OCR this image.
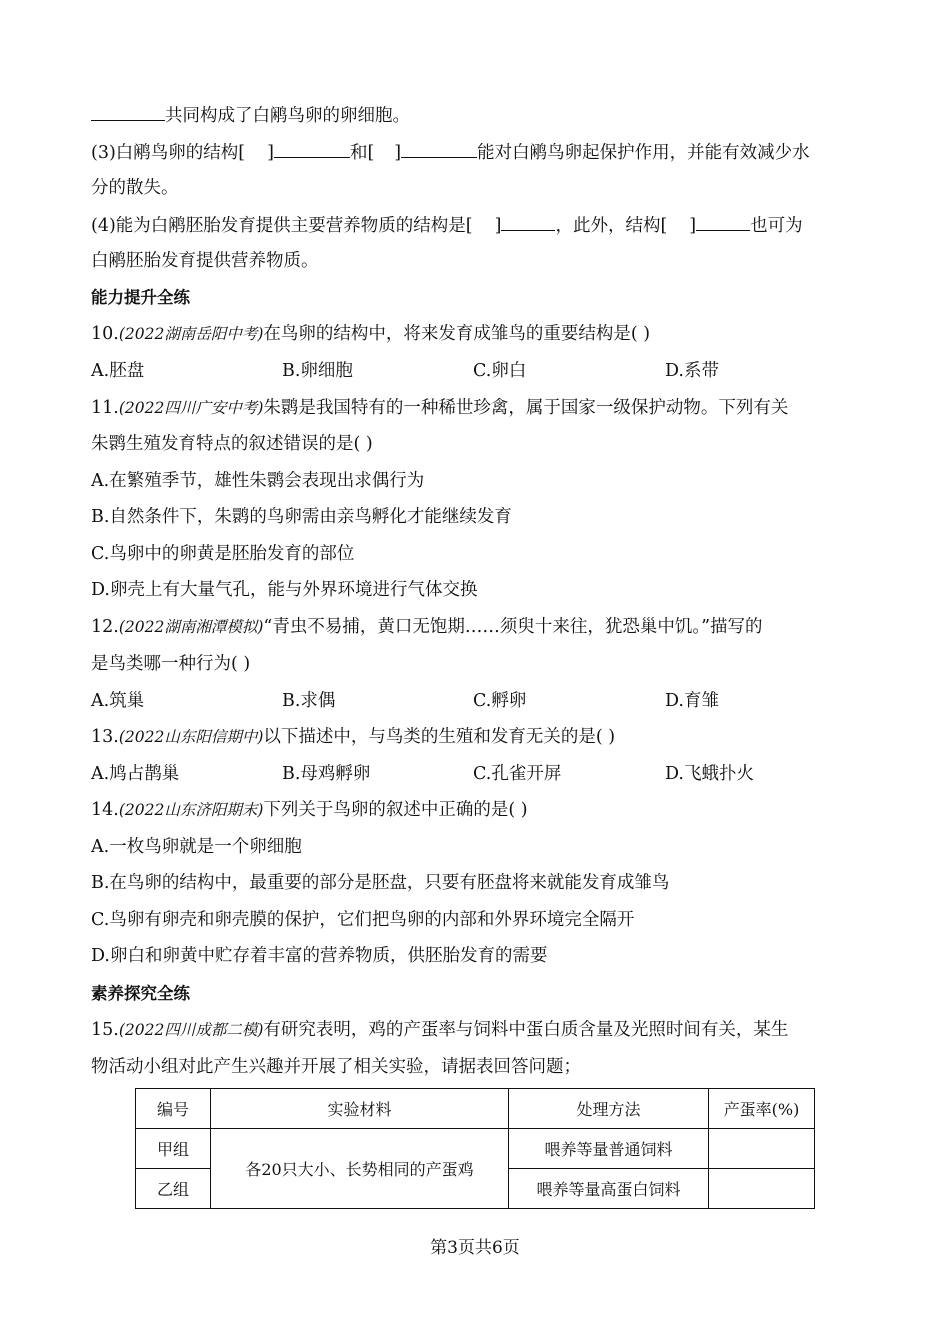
共同构成了白鹇鸟卵的卵细胞。
(3)白鹇鸟卵的结构[ ]	和[ ]	能对白鹇鸟卵起保护作用，并能有效减少水
分的散失。
(4)能为白鹇胚胎发育提供主要营养物质的结构是[ ]	，此外，结构[ ]	也可为
白鹇胚胎发育提供营养物质。
能力提升全练
10.(2022湖南岳阳中考)在鸟卵的结构中，将来发育成雏鸟的重要结构是( )
A.胚盘	B.卵细胞	C.卵白	D.系带
11.(2022四川广安中考)朱鹮是我国特有的一种稀世珍禽，属于国家一级保护动物。下列有关
朱鹮生殖发育特点的叙述错误的是( )
A.在繁殖季节，雄性朱鹮会表现出求偶行为
B.自然条件下，朱鹮的鸟卵需由亲鸟孵化才能继续发育
C.鸟卵中的卵黄是胚胎发育的部位
D.卵壳上有大量气孔，能与外界环境进行气体交换
12.(2022湖南湘潭模拟)“青虫不易捕，黄口无饱期……须臾十来往，犹恐巢中饥。”描写的
是鸟类哪一种行为( )
A.筑巢	B.求偶	C.孵卵	D.育雏
13.(2022山东阳信期中)以下描述中，与鸟类的生殖和发育无关的是( )
A.鸠占鹊巢	B.母鸡孵卵	C.孔雀开屏	D.飞蛾扑火
14.(2022山东济阳期末)下列关于鸟卵的叙述中正确的是( )
A.一枚鸟卵就是一个卵细胞
B.在鸟卵的结构中，最重要的部分是胚盘，只要有胚盘将来就能发育成雏鸟
C.鸟卵有卵壳和卵壳膜的保护，它们把鸟卵的内部和外界环境完全隔开
D.卵白和卵黄中贮存着丰富的营养物质，供胚胎发育的需要
素养探究全练
15.(2022四川成都二模)有研究表明，鸡的产蛋率与饲料中蛋白质含量及光照时间有关，某生
物活动小组对此产生兴趣并开展了相关实验，请据表回答问题；
编号	实验材料	处理方法	产蛋率(%)
甲组	各20只大小、长势相同的产蛋鸡	喂养等量普通饲料	
乙组		喂养等量高蛋白饲料	
第3页共6页
